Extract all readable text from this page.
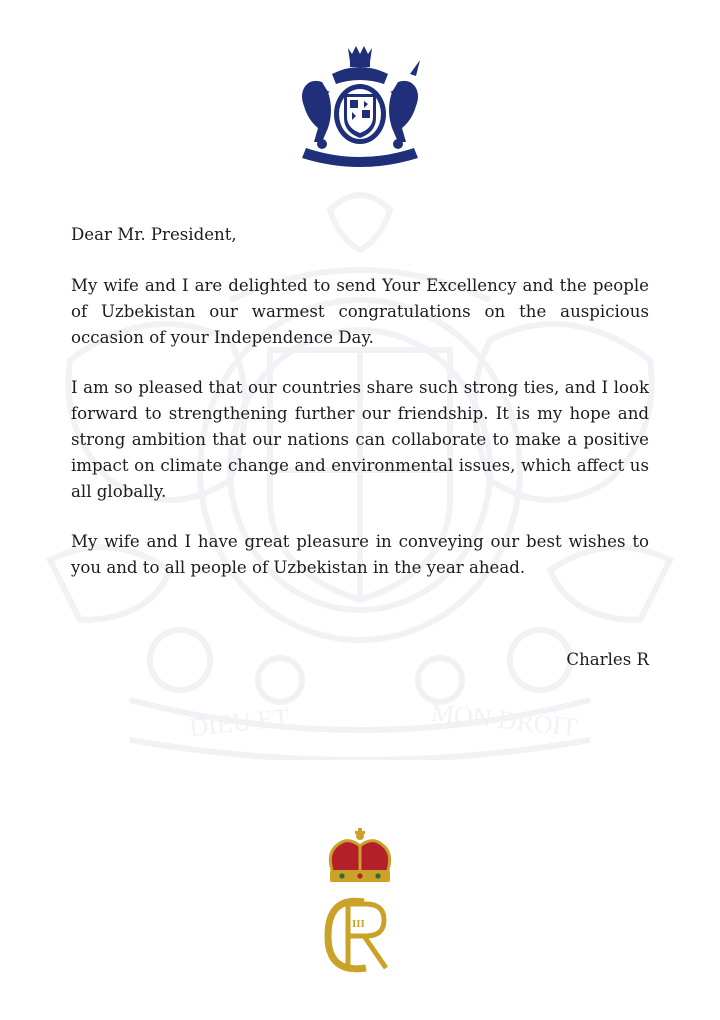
DIEU ET	MON DROIT

Dear Mr. President,

My wife and I are delighted to send Your Excellency and the people of Uzbekistan our warmest congratulations on the auspicious occasion of your Independence Day.

I am so pleased that our countries share such strong ties, and I look forward to strengthening further our friendship. It is my hope and strong ambition that our nations can collaborate to make a positive impact on climate change and environmental issues, which affect us all globally.

My wife and I have great pleasure in conveying our best wishes to you and to all people of Uzbekistan in the year ahead.

Charles R
III
